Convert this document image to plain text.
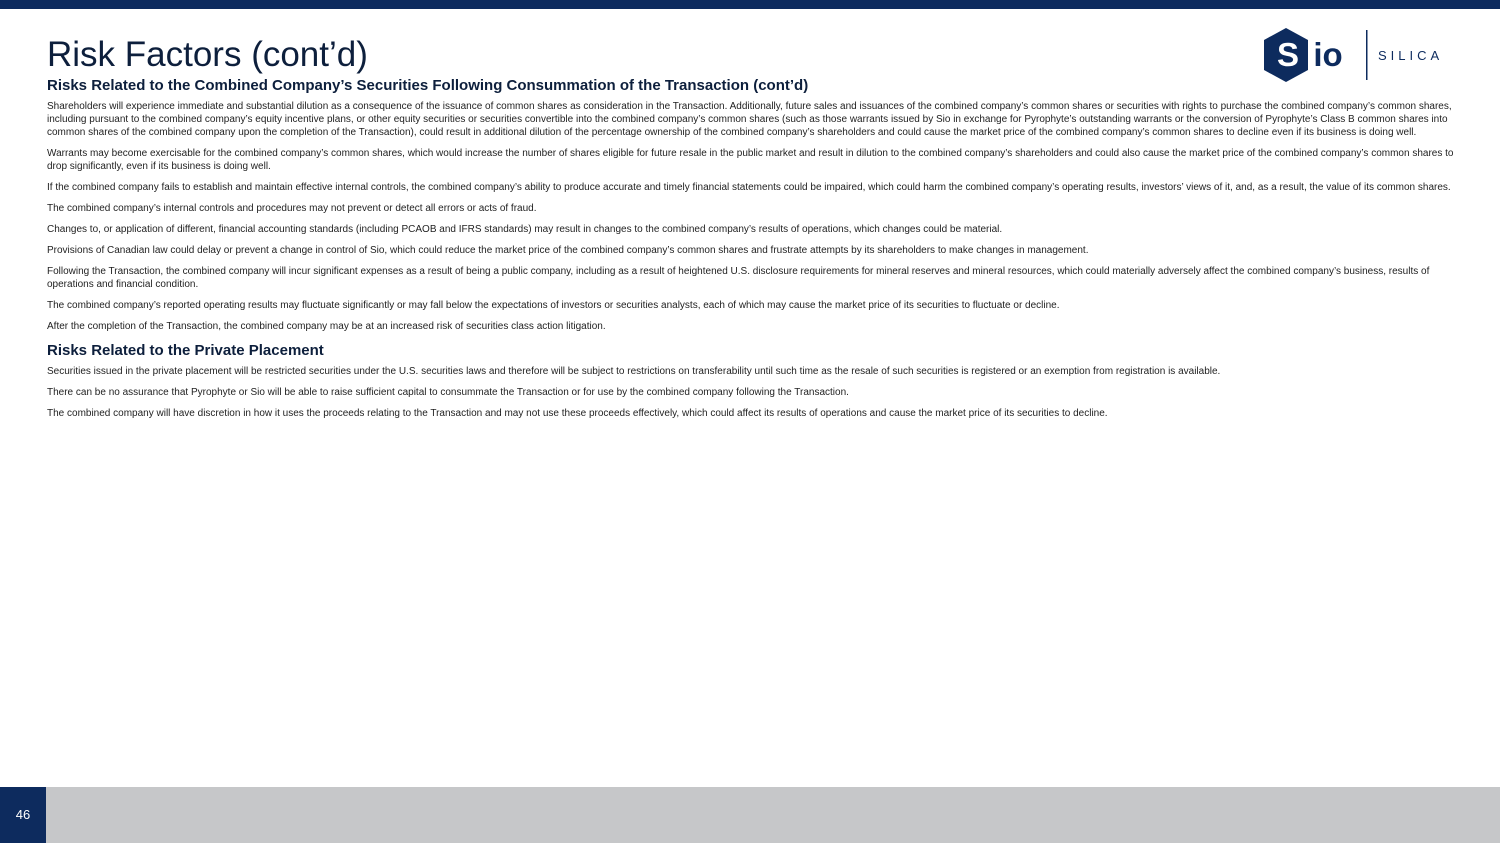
Risk Factors (cont’d)	S io	SILICA
Risks Related to the Combined Company’s Securities Following Consummation of the Transaction (cont’d)

Shareholders will experience immediate and substantial dilution as a consequence of the issuance of common shares as consideration in the Transaction. Additionally, future sales and issuances of the combined company’s common shares or securities with rights to purchase the combined company’s common shares, including pursuant to the combined company’s equity incentive plans, or other equity securities or securities convertible into the combined company’s common shares (such as those warrants issued by Sio in exchange for Pyrophyte’s outstanding warrants or the conversion of Pyrophyte’s Class B common shares into common shares of the combined company upon the completion of the Transaction), could result in additional dilution of the percentage ownership of the combined company’s shareholders and could cause the market price of the combined company’s common shares to decline even if its business is doing well.

Warrants may become exercisable for the combined company’s common shares, which would increase the number of shares eligible for future resale in the public market and result in dilution to the combined company’s shareholders and could also cause the market price of the combined company’s common shares to drop significantly, even if its business is doing well.

If the combined company fails to establish and maintain effective internal controls, the combined company’s ability to produce accurate and timely financial statements could be impaired, which could harm the combined company’s operating results, investors’ views of it, and, as a result, the value of its common shares.

The combined company’s internal controls and procedures may not prevent or detect all errors or acts of fraud.

Changes to, or application of different, financial accounting standards (including PCAOB and IFRS standards) may result in changes to the combined company’s results of operations, which changes could be material.

Provisions of Canadian law could delay or prevent a change in control of Sio, which could reduce the market price of the combined company’s common shares and frustrate attempts by its shareholders to make changes in management.

Following the Transaction, the combined company will incur significant expenses as a result of being a public company, including as a result of heightened U.S. disclosure requirements for mineral reserves and mineral resources, which could materially adversely affect the combined company’s business, results of operations and financial condition.

The combined company’s reported operating results may fluctuate significantly or may fall below the expectations of investors or securities analysts, each of which may cause the market price of its securities to fluctuate or decline.

After the completion of the Transaction, the combined company may be at an increased risk of securities class action litigation.

Risks Related to the Private Placement

Securities issued in the private placement will be restricted securities under the U.S. securities laws and therefore will be subject to restrictions on transferability until such time as the resale of such securities is registered or an exemption from registration is available.

There can be no assurance that Pyrophyte or Sio will be able to raise sufficient capital to consummate the Transaction or for use by the combined company following the Transaction.

The combined company will have discretion in how it uses the proceeds relating to the Transaction and may not use these proceeds effectively, which could affect its results of operations and cause the market price of its securities to decline.

46
